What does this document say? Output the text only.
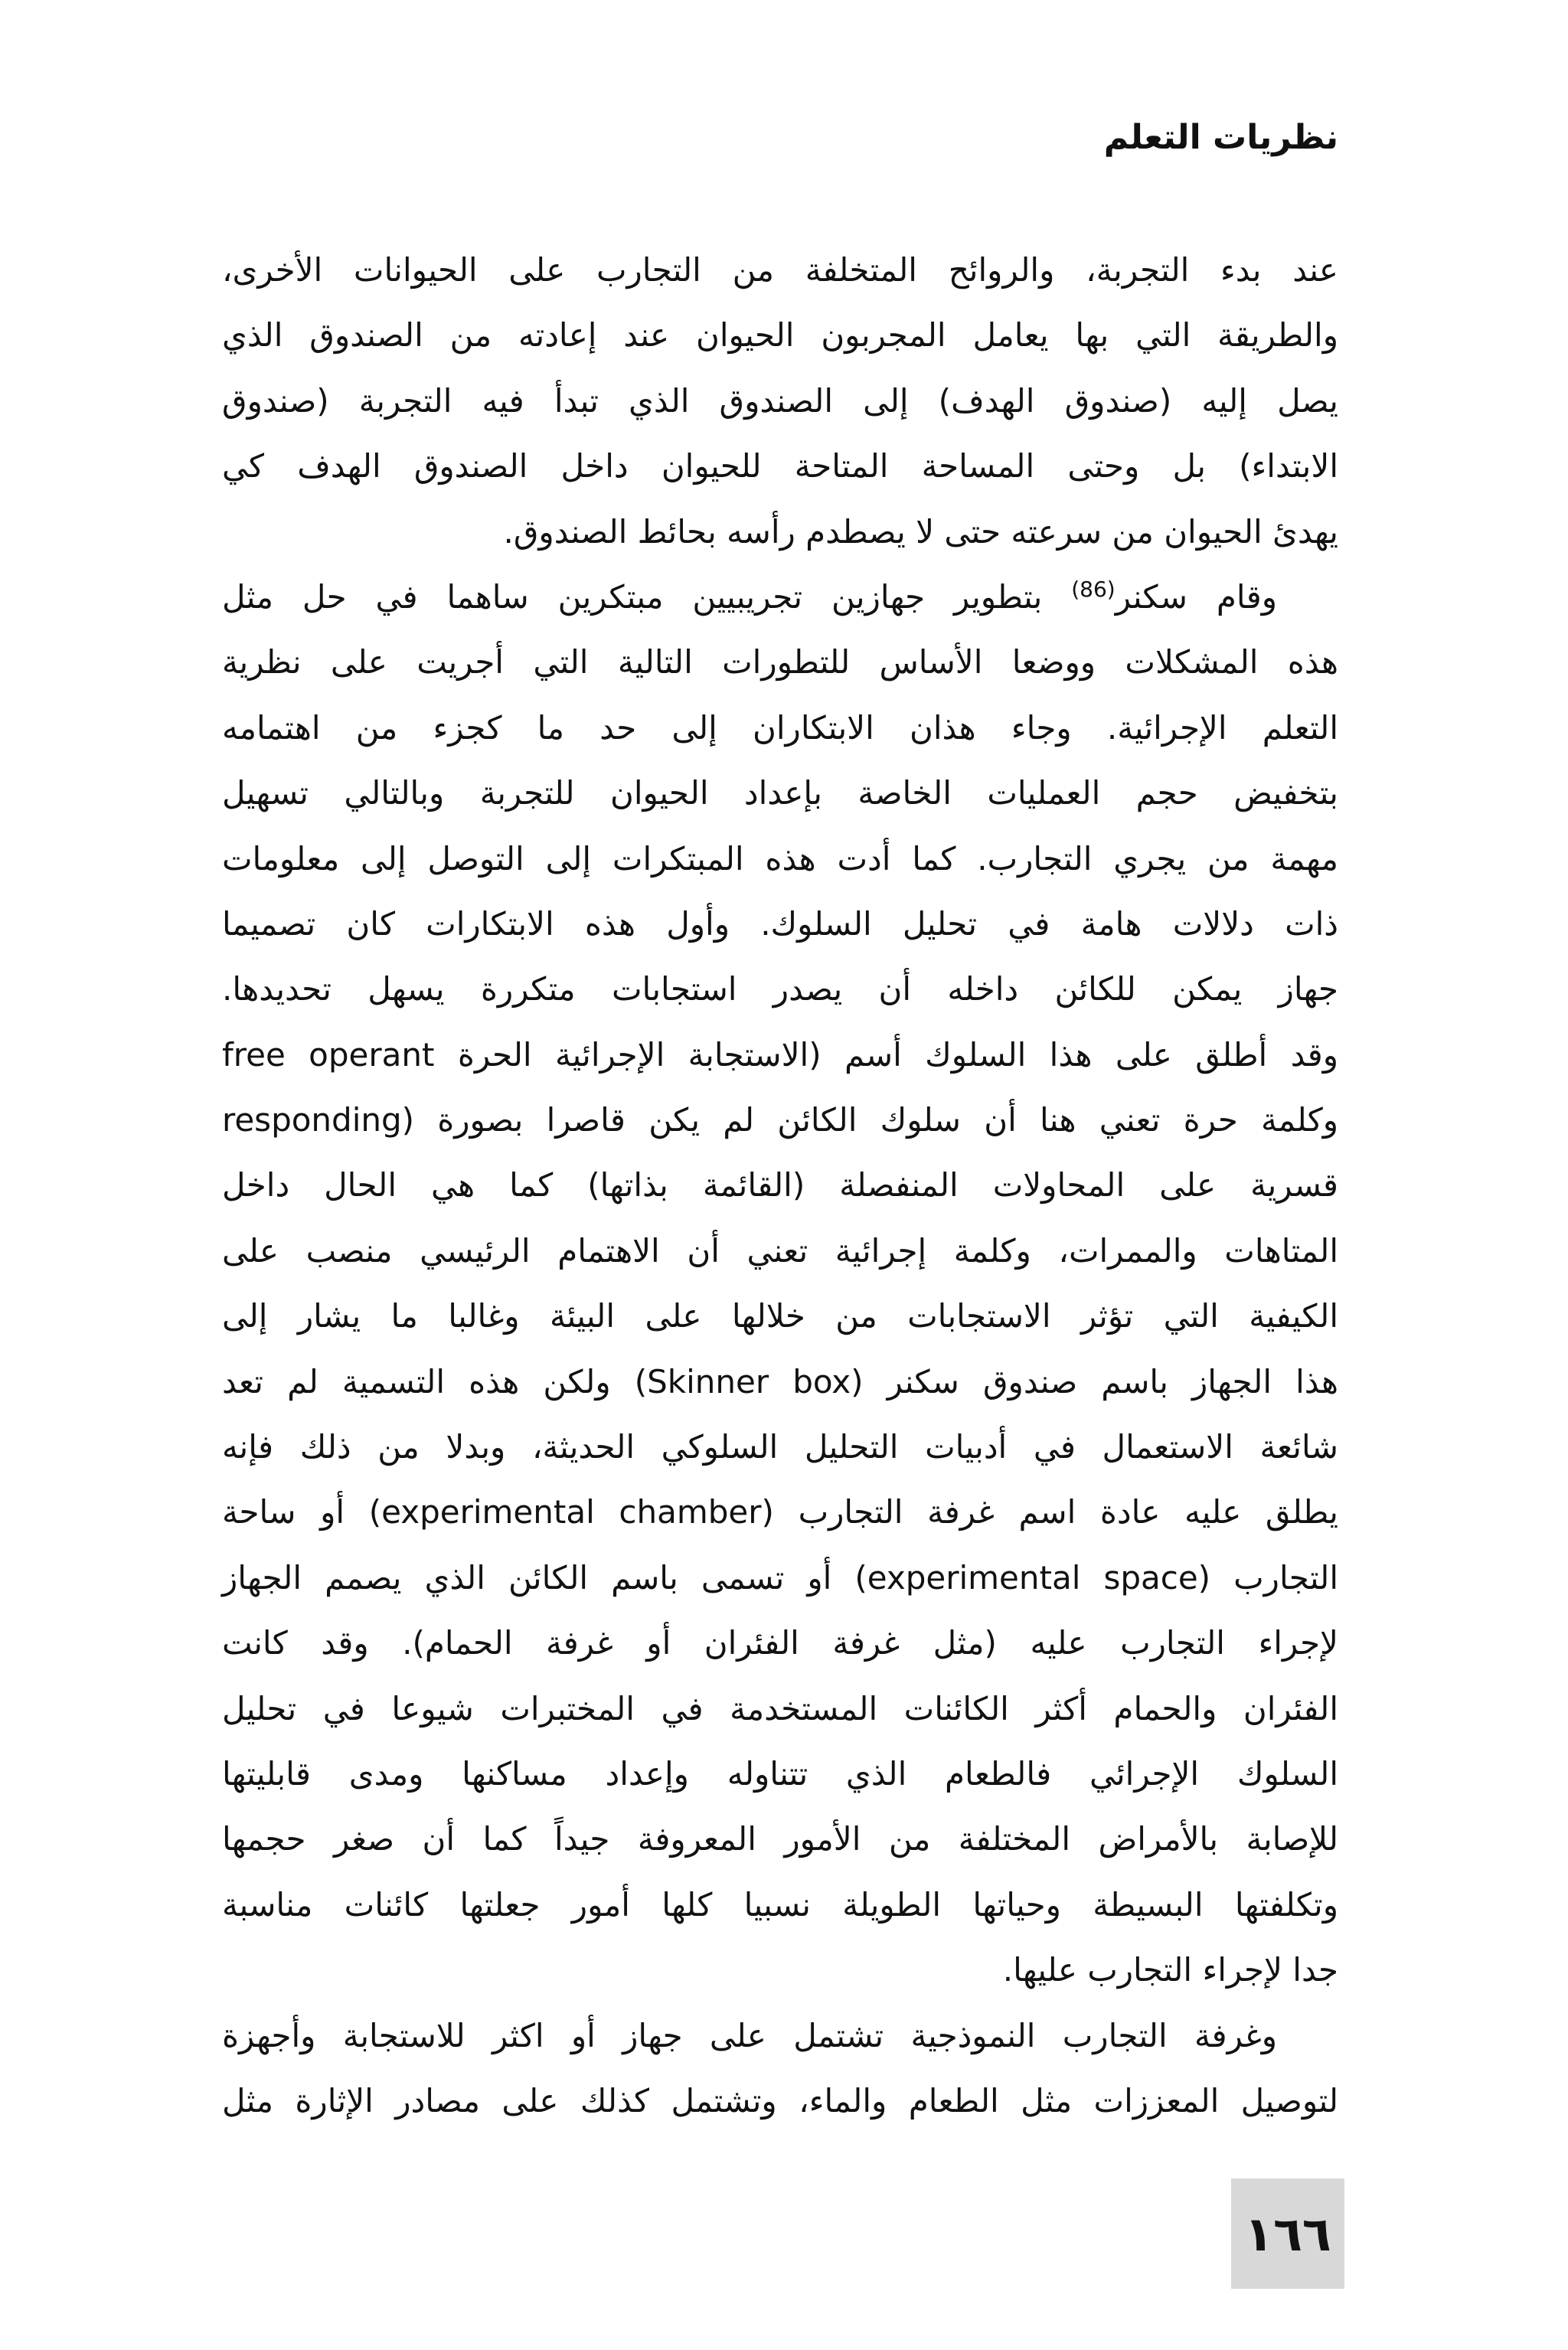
نظريات التعلم
عند بدء التجربة، والروائح المتخلفة من التجارب على الحيوانات الأخرى،
والطريقة التي بها يعامل المجربون الحيوان عند إعادته من الصندوق الذي
يصل إليه (صندوق الهدف) إلى الصندوق الذي تبدأ فيه التجربة (صندوق
الابتداء) بل وحتى المساحة المتاحة للحيوان داخل الصندوق الهدف كي
يهدئ الحيوان من سرعته حتى لا يصطدم رأسه بحائط الصندوق.
وقام سكنر$^{(86)}$ بتطوير جهازين تجريبيين مبتكرين ساهما في حل مثل
هذه المشكلات ووضعا الأساس للتطورات التالية التي أجريت على نظرية
التعلم الإجرائية. وجاء هذان الابتكاران إلى حد ما كجزء من اهتمامه
بتخفيض حجم العمليات الخاصة بإعداد الحيوان للتجربة وبالتالي تسهيل
مهمة من يجري التجارب. كما أدت هذه المبتكرات إلى التوصل إلى معلومات
ذات دلالات هامة في تحليل السلوك. وأول هذه الابتكارات كان تصميما
جهاز يمكن للكائن داخله أن يصدر استجابات متكررة يسهل تحديدها.
وقد أطلق على هذا السلوك أسم (الاستجابة الإجرائية الحرة free operant
responding) وكلمة حرة تعني هنا أن سلوك الكائن لم يكن قاصرا بصورة
قسرية على المحاولات المنفصلة (القائمة بذاتها) كما هي الحال داخل
المتاهات والممرات، وكلمة إجرائية تعني أن الاهتمام الرئيسي منصب على
الكيفية التي تؤثر الاستجابات من خلالها على البيئة وغالبا ما يشار إلى
هذا الجهاز باسم صندوق سكنر (Skinner box) ولكن هذه التسمية لم تعد
شائعة الاستعمال في أدبيات التحليل السلوكي الحديثة، وبدلا من ذلك فإنه
يطلق عليه عادة اسم غرفة التجارب (experimental chamber) أو ساحة
التجارب (experimental space) أو تسمى باسم الكائن الذي يصمم الجهاز
لإجراء التجارب عليه (مثل غرفة الفئران أو غرفة الحمام). وقد كانت
الفئران والحمام أكثر الكائنات المستخدمة في المختبرات شيوعا في تحليل
السلوك الإجرائي فالطعام الذي تتناوله وإعداد مساكنها ومدى قابليتها
للإصابة بالأمراض المختلفة من الأمور المعروفة جيداً كما أن صغر حجمها
وتكلفتها البسيطة وحياتها الطويلة نسبيا كلها أمور جعلتها كائنات مناسبة
جدا لإجراء التجارب عليها.
وغرفة التجارب النموذجية تشتمل على جهاز أو اكثر للاستجابة وأجهزة
لتوصيل المعززات مثل الطعام والماء، وتشتمل كذلك على مصادر الإثارة مثل
١٦٦
